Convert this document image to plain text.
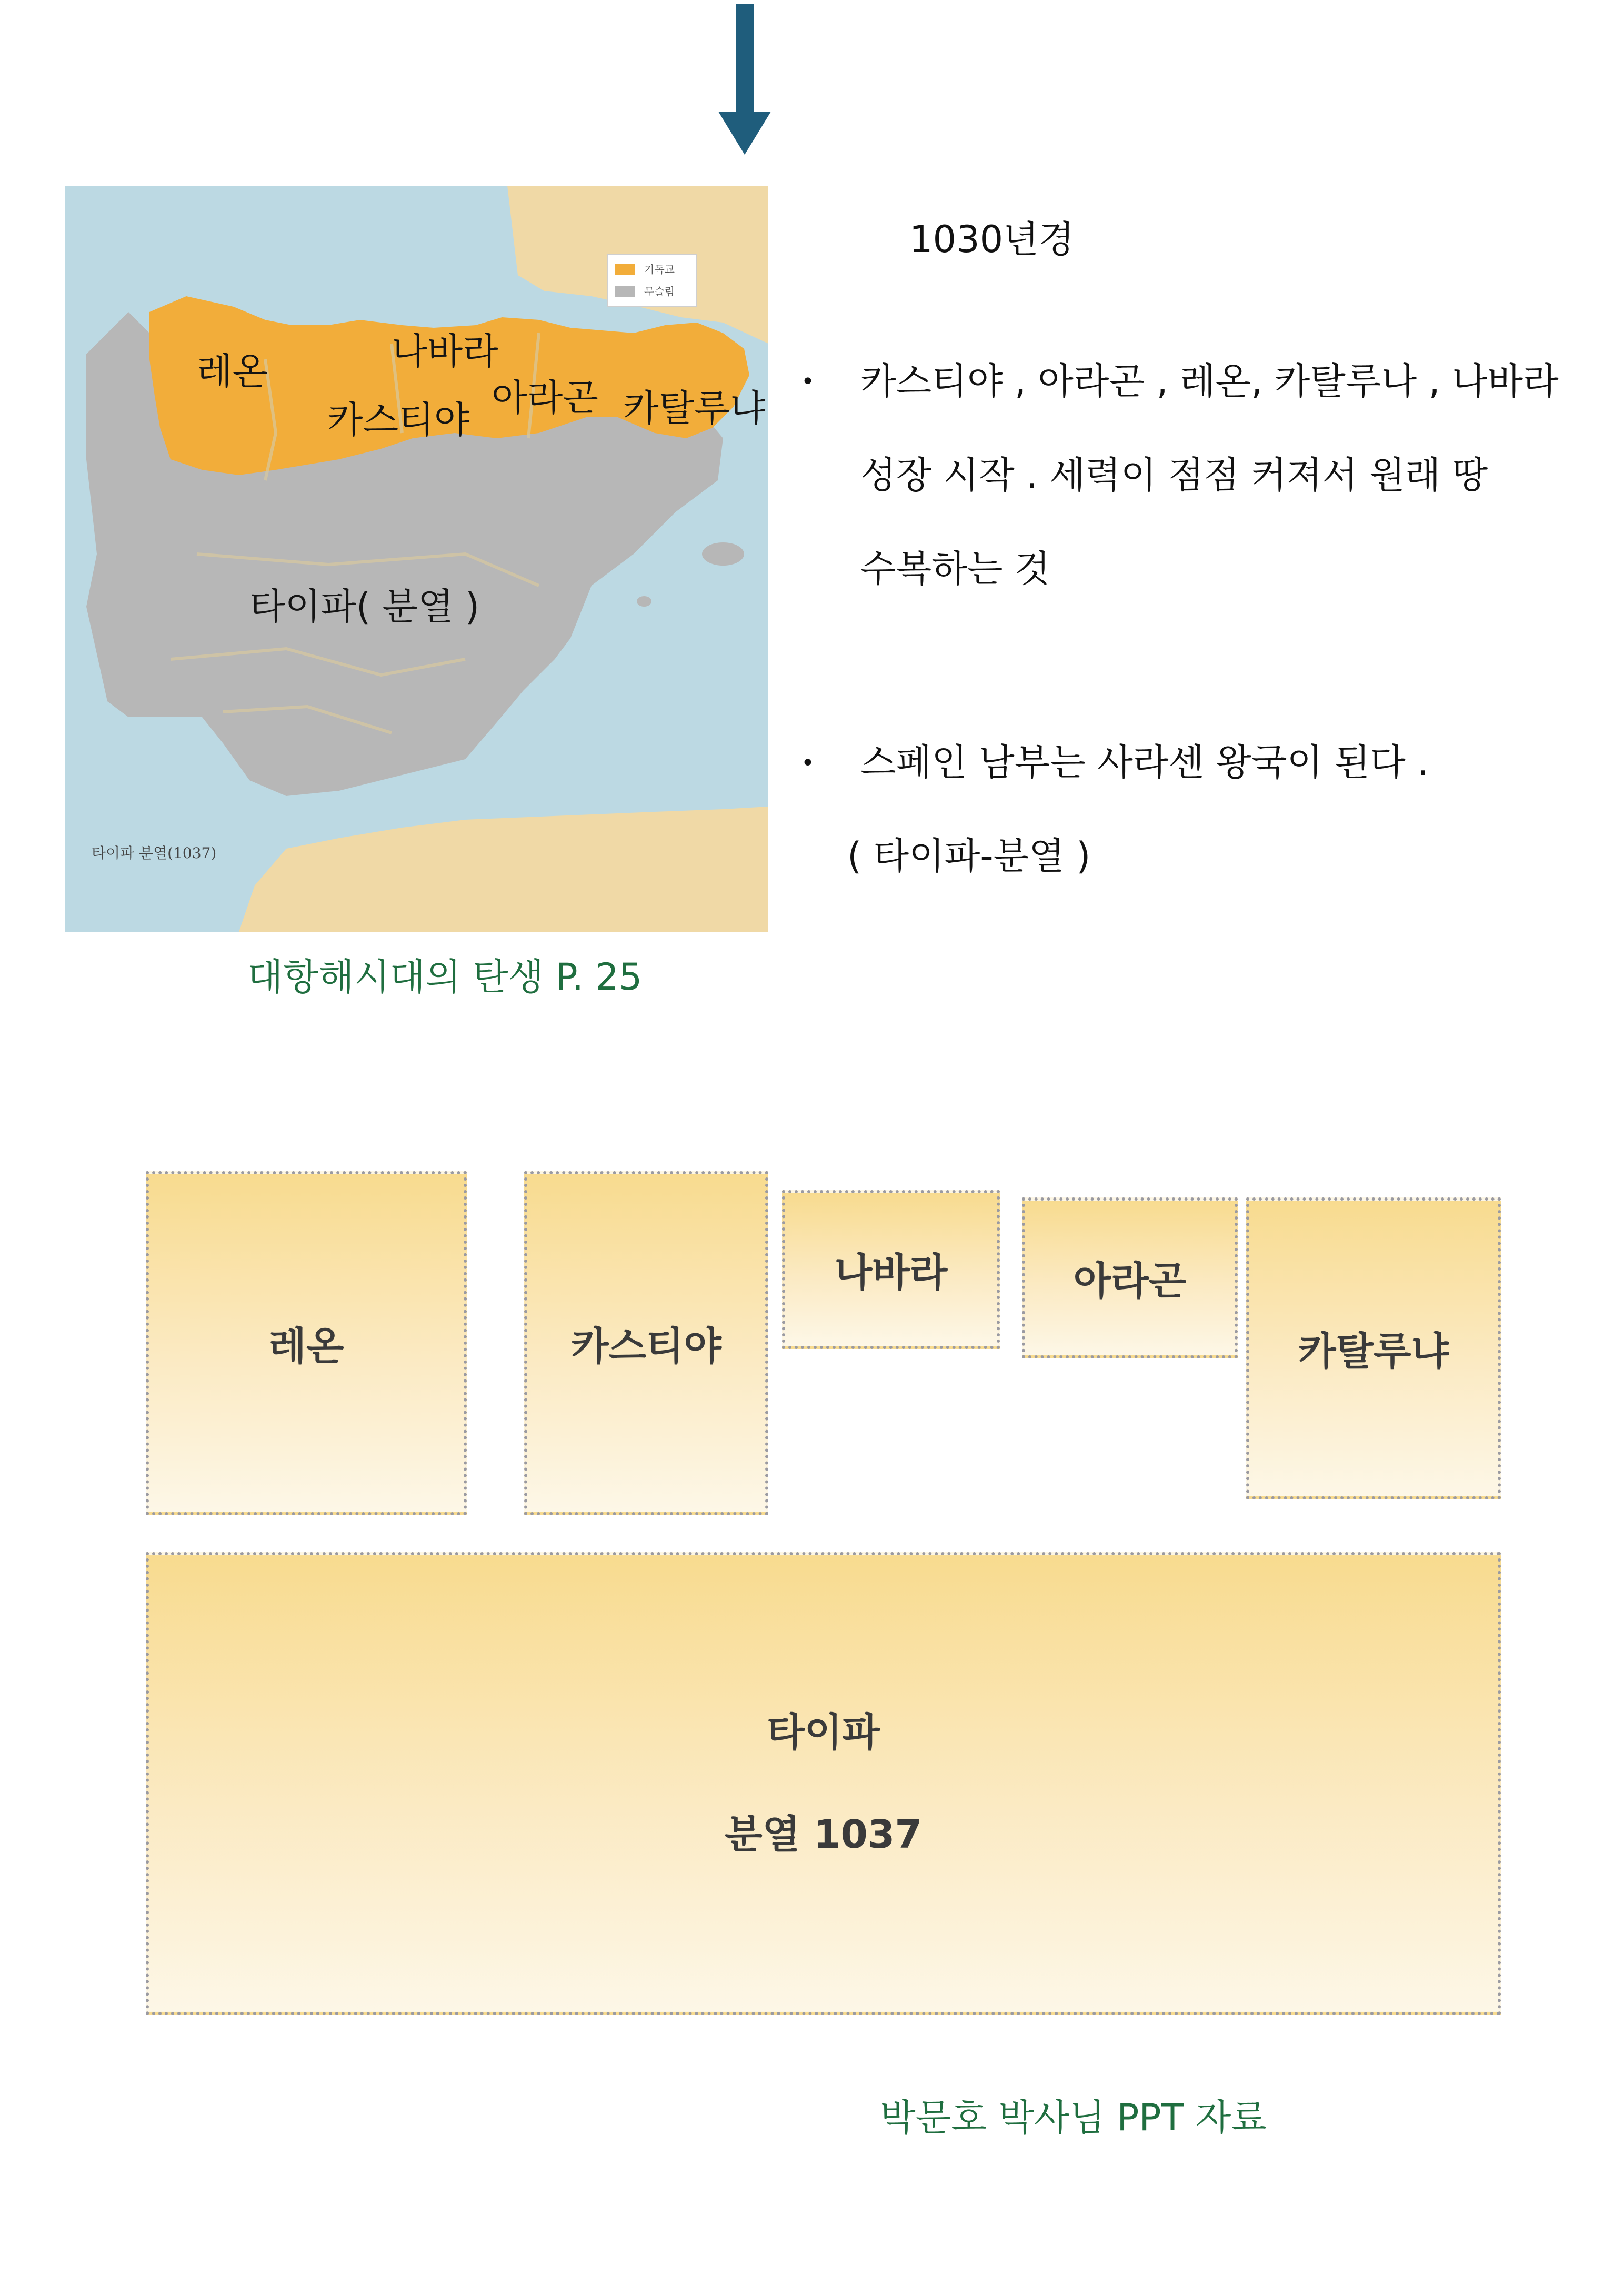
기독교
무슬림
타이파 분열(1037)
레온	나바라
카스티야
아라곤 카탈루냐
타이파( 분열 )
대항해시대의 탄생 P. 25
1030년경
• 카스티야 , 아라곤 , 레온, 카탈루나 , 나바라
성장 시작 . 세력이 점점 커져서 원래 땅
수복하는 것
• 스페인 남부는 사라센 왕국이 된다 .
( 타이파-분열 )
레온	카스티야
나바라	아라곤
카탈루냐
타이파
분열 1037
박문호 박사님 PPT 자료
